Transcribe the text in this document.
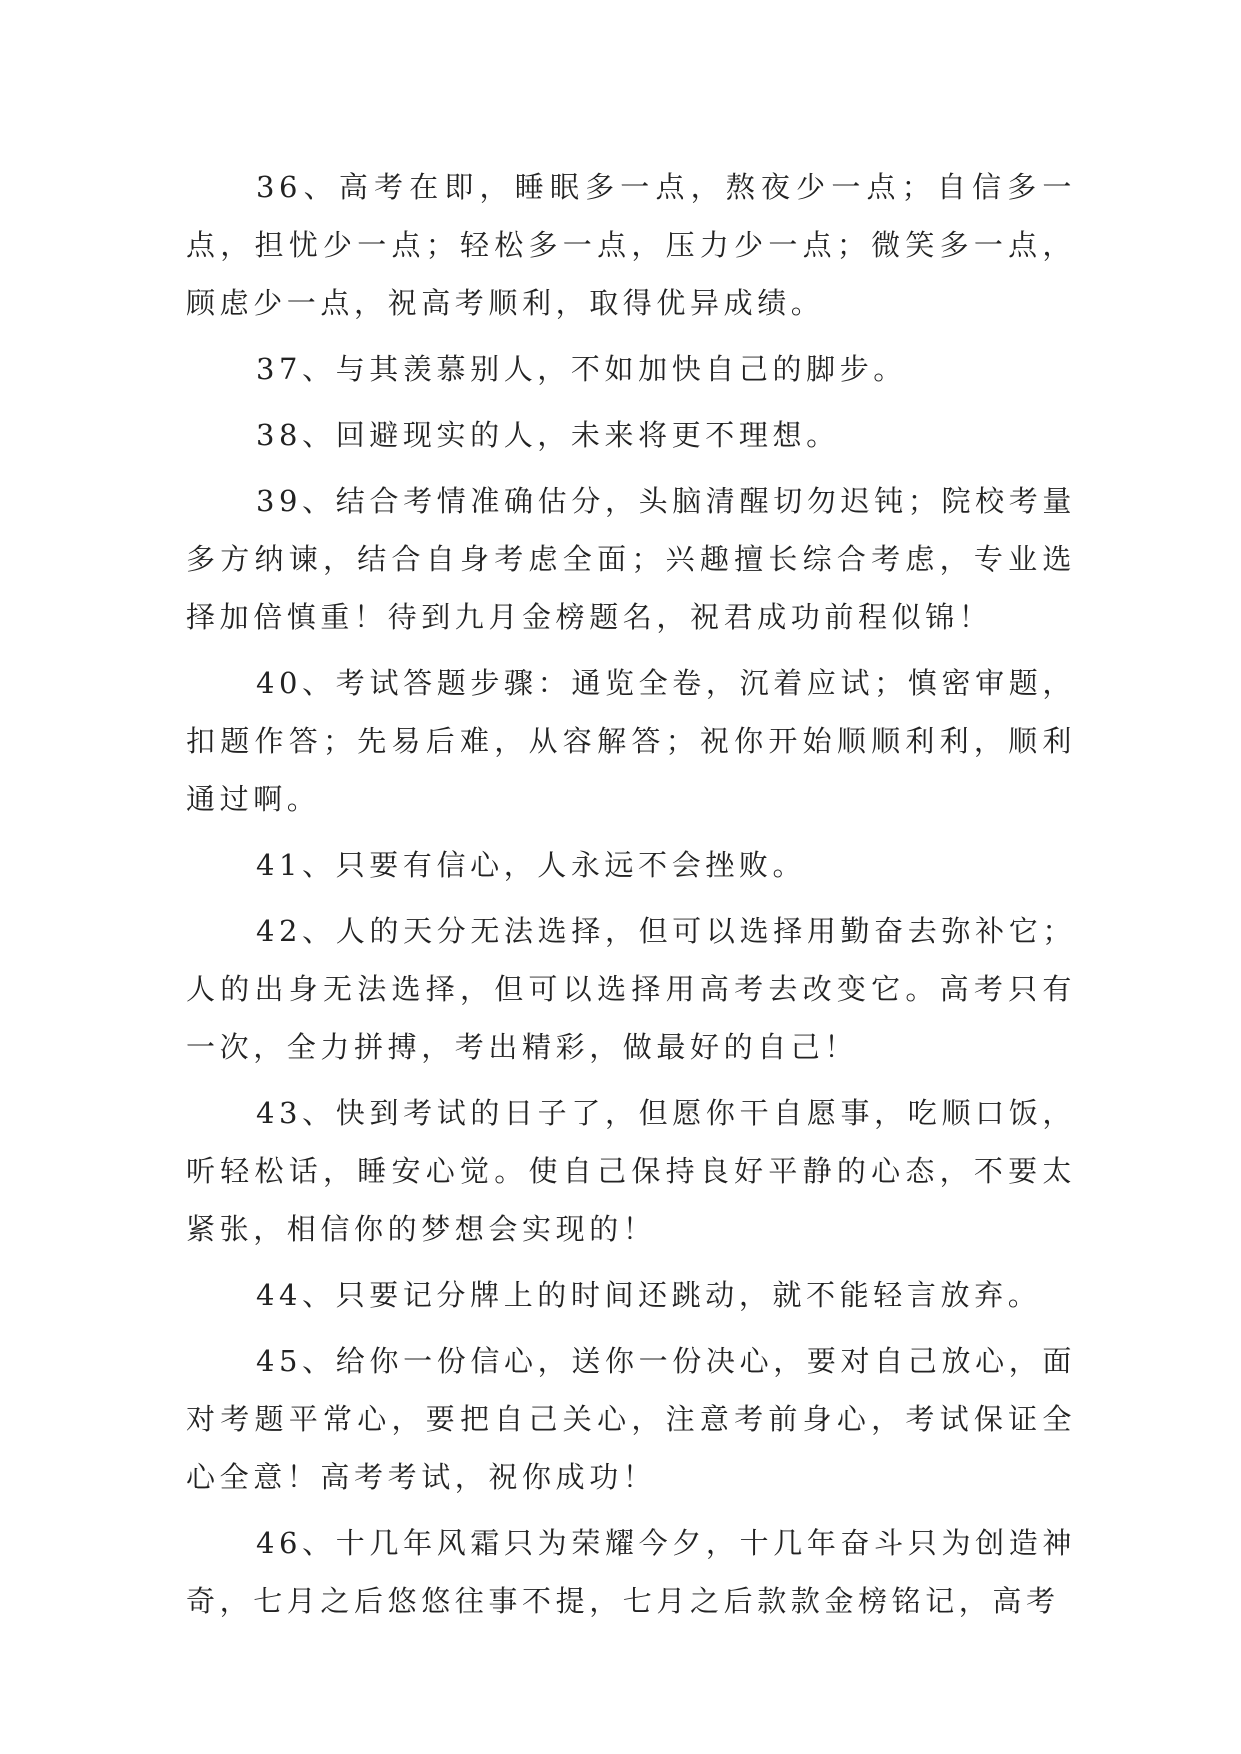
36、高考在即，睡眠多一点，熬夜少一点；自信多一点，担忧少一点；轻松多一点，压力少一点；微笑多一点，顾虑少一点，祝高考顺利，取得优异成绩。

37、与其羡慕别人，不如加快自己的脚步。

38、回避现实的人，未来将更不理想。

39、结合考情准确估分，头脑清醒切勿迟钝；院校考量多方纳谏，结合自身考虑全面；兴趣擅长综合考虑，专业选择加倍慎重！待到九月金榜题名，祝君成功前程似锦！

40、考试答题步骤：通览全卷，沉着应试；慎密审题，扣题作答；先易后难，从容解答；祝你开始顺顺利利，顺利通过啊。

41、只要有信心，人永远不会挫败。

42、人的天分无法选择，但可以选择用勤奋去弥补它；人的出身无法选择，但可以选择用高考去改变它。高考只有一次，全力拼搏，考出精彩，做最好的自己！

43、快到考试的日子了，但愿你干自愿事，吃顺口饭，听轻松话，睡安心觉。使自己保持良好平静的心态，不要太紧张，相信你的梦想会实现的！

44、只要记分牌上的时间还跳动，就不能轻言放弃。

45、给你一份信心，送你一份决心，要对自己放心，面对考题平常心，要把自己关心，注意考前身心，考试保证全心全意！高考考试，祝你成功！

46、十几年风霜只为荣耀今夕，十几年奋斗只为创造神奇，七月之后悠悠往事不提，七月之后款款金榜铭记，高考
